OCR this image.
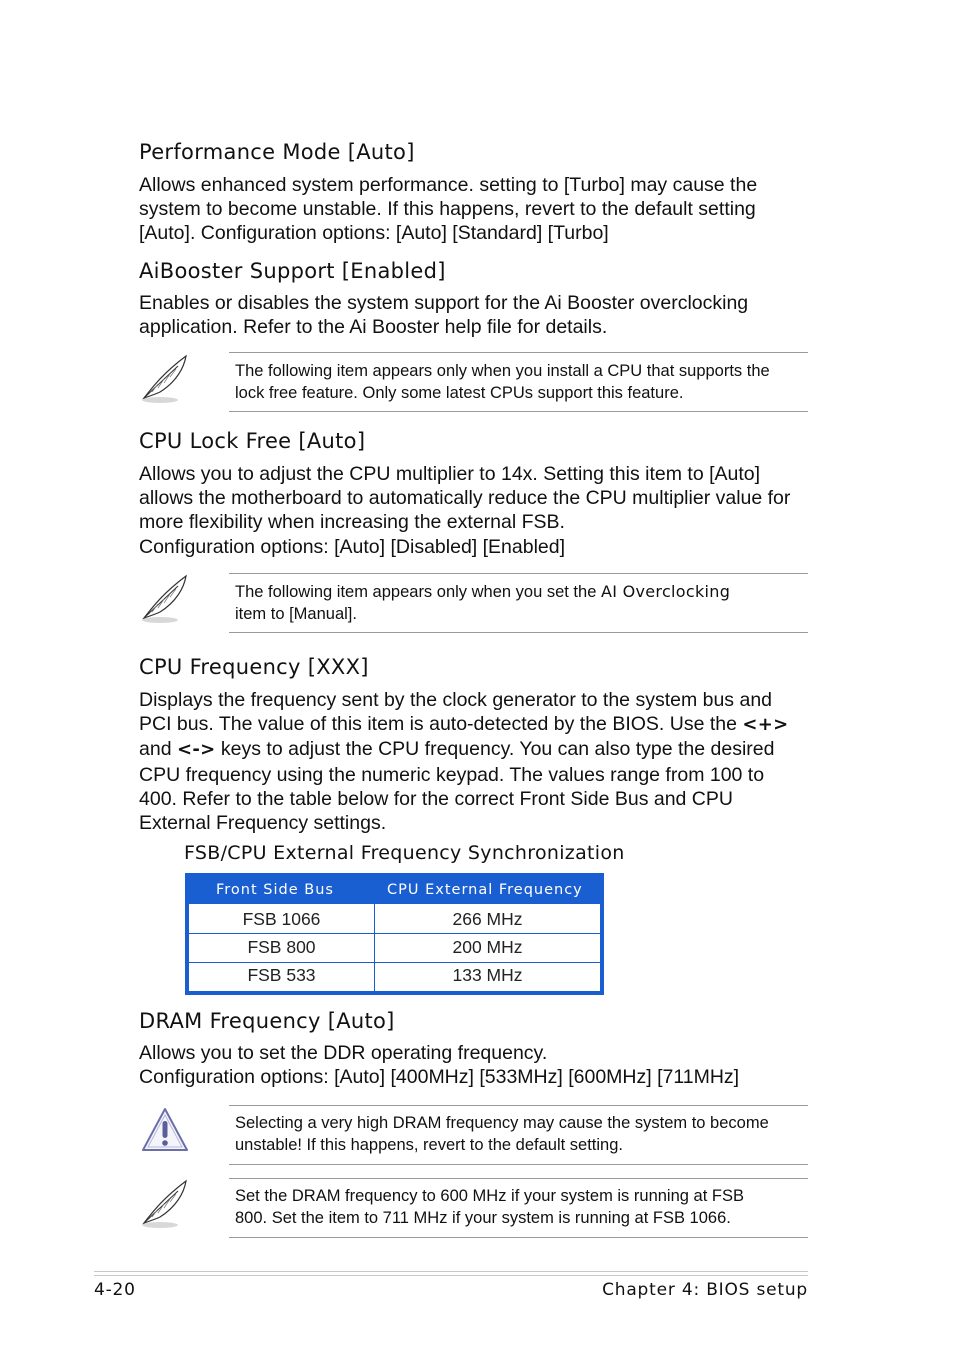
Performance Mode [Auto]
Allows enhanced system performance. setting to [Turbo] may cause the
system to become unstable. If this happens, revert to the default setting
[Auto]. Configuration options: [Auto] [Standard] [Turbo]
AiBooster Support [Enabled]
Enables or disables the system support for the Ai Booster overclocking
application. Refer to the Ai Booster help file for details.
The following item appears only when you install a CPU that supports the
lock free feature. Only some latest CPUs support this feature.
CPU Lock Free [Auto]
Allows you to adjust the CPU multiplier to 14x. Setting this item to [Auto]
allows the motherboard to automatically reduce the CPU multiplier value for
more flexibility when increasing the external FSB.
Configuration options: [Auto] [Disabled] [Enabled]
The following item appears only when you set the AI Overclocking
item to [Manual].
CPU Frequency [XXX]
Displays the frequency sent by the clock generator to the system bus and
PCI bus. The value of this item is auto-detected by the BIOS. Use the <+>
and <-> keys to adjust the CPU frequency. You can also type the desired
CPU frequency using the numeric keypad. The values range from 100 to
400. Refer to the table below for the correct Front Side Bus and CPU
External Frequency settings.
FSB/CPU External Frequency Synchronization
Front Side Bus	CPU External Frequency
FSB 1066	266 MHz
FSB 800	200 MHz
FSB 533	133 MHz
DRAM Frequency [Auto]
Allows you to set the DDR operating frequency.
Configuration options: [Auto] [400MHz] [533MHz] [600MHz] [711MHz]
Selecting a very high DRAM frequency may cause the system to become
unstable! If this happens, revert to the default setting.
Set the DRAM frequency to 600 MHz if your system is running at FSB
800. Set the item to 711 MHz if your system is running at FSB 1066.
4-20	Chapter 4: BIOS setup
